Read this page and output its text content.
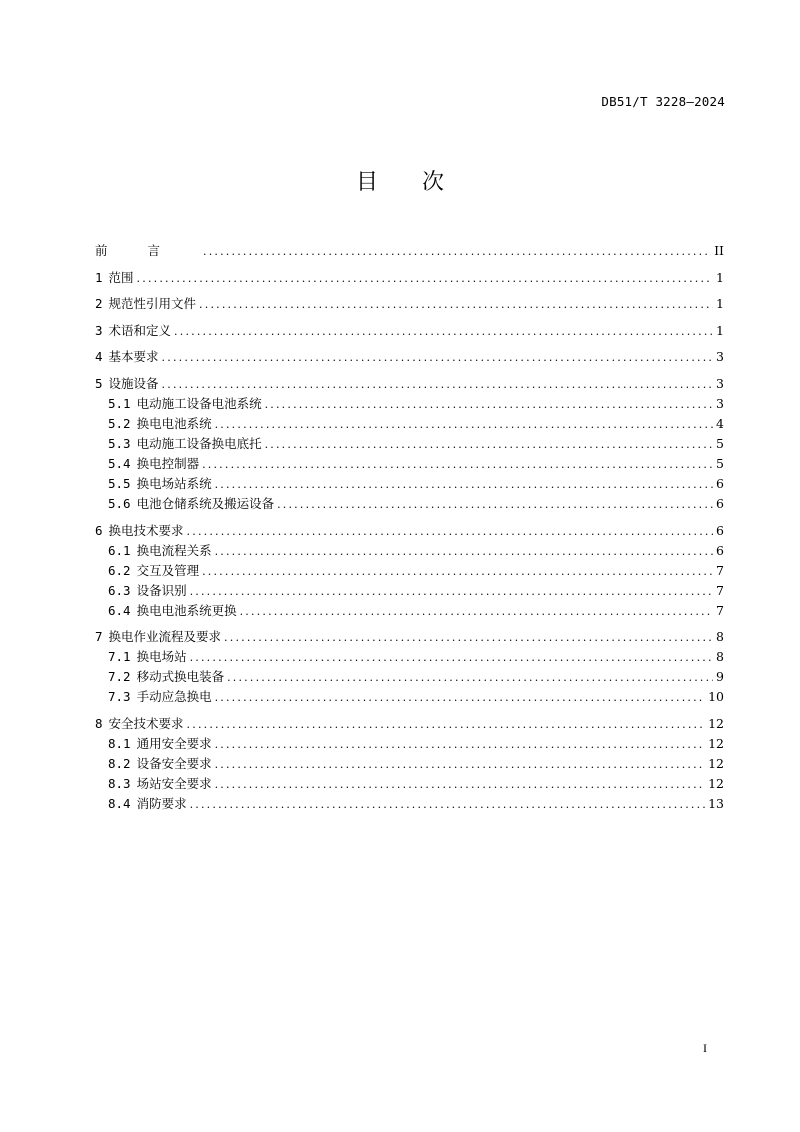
DB51/T 3228—2024
目 次
前言 .....	II
1 范围 .....	1
2 规范性引用文件 .....	1
3 术语和定义 .....	1
4 基本要求 .....	3
5 设施设备 .....	3
5.1 电动施工设备电池系统 .....	3
5.2 换电电池系统 .....	4
5.3 电动施工设备换电底托 .....	5
5.4 换电控制器 .....	5
5.5 换电场站系统 .....	6
5.6 电池仓储系统及搬运设备 .....	6
6 换电技术要求 .....	6
6.1 换电流程关系 .....	6
6.2 交互及管理 .....	7
6.3 设备识别 .....	7
6.4 换电电池系统更换 .....	7
7 换电作业流程及要求 .....	8
7.1 换电场站 .....	8
7.2 移动式换电装备 .....	9
7.3 手动应急换电 .....	10
8 安全技术要求 .....	12
8.1 通用安全要求 .....	12
8.2 设备安全要求 .....	12
8.3 场站安全要求 .....	12
8.4 消防要求 .....	13
I
